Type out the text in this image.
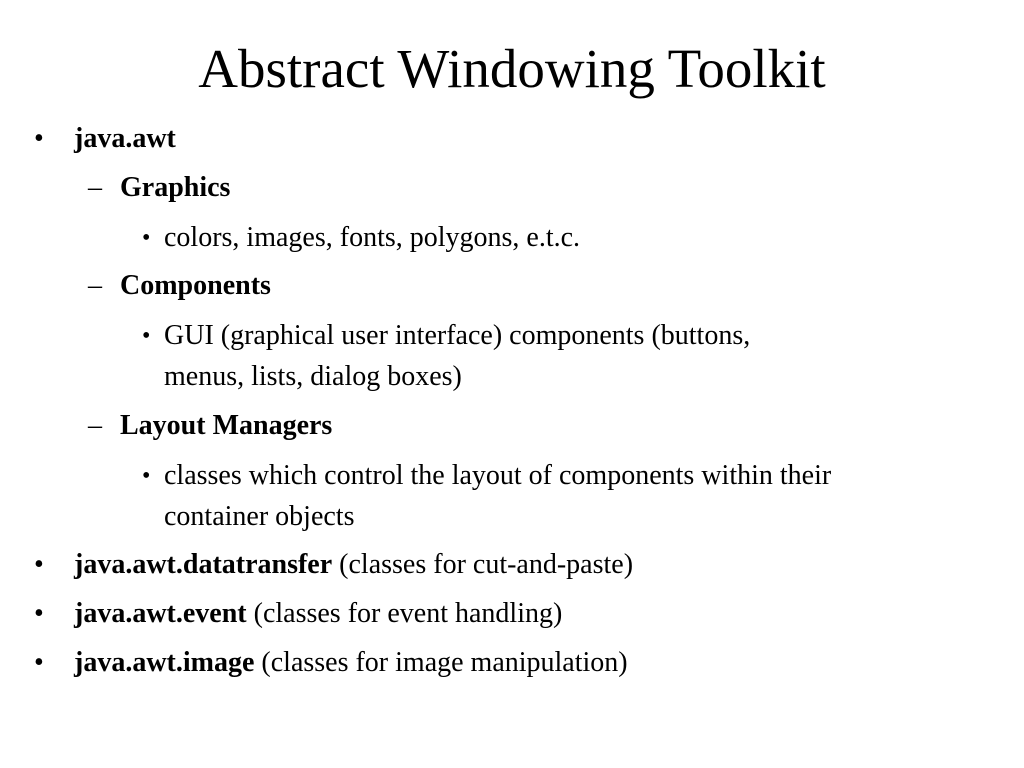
Abstract Windowing Toolkit
• java.awt
– Graphics
• colors, images, fonts, polygons, e.t.c.
– Components
• GUI (graphical user interface) components (buttons,
menus, lists, dialog boxes)
– Layout Managers
• classes which control the layout of components within their
container objects
• java.awt.datatransfer (classes for cut-and-paste)
• java.awt.event (classes for event handling)
• java.awt.image (classes for image manipulation)
